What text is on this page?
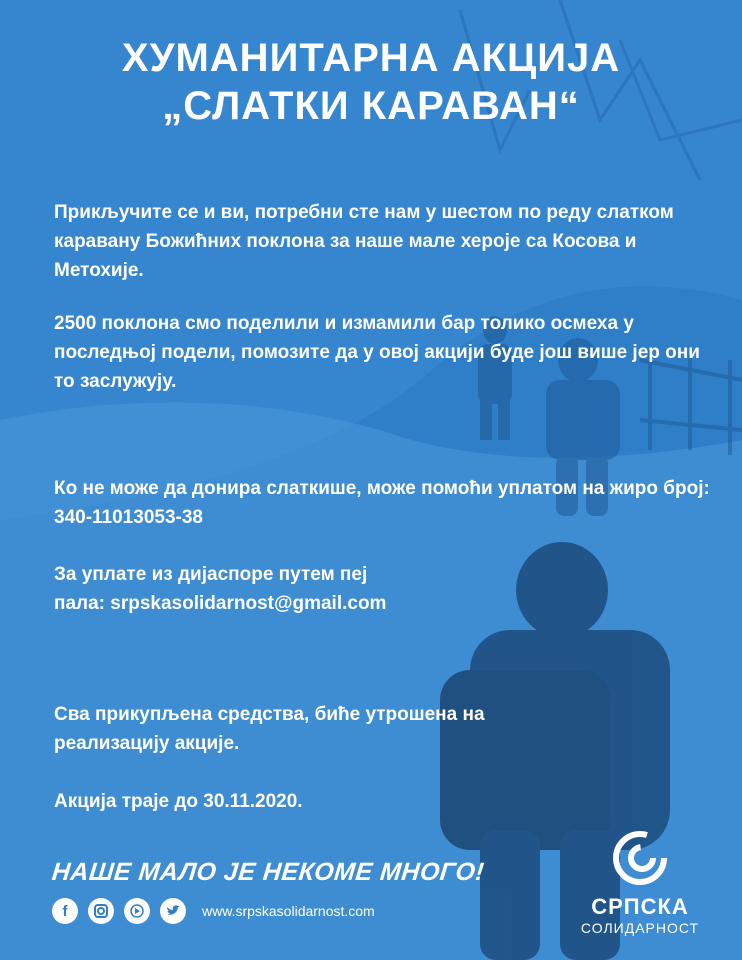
ХУМАНИТАРНА АКЦИЈА
„СЛАТКИ КАРАВАН“
Прикључите се и ви, потребни сте нам у шестом по реду слатком каравану Божићних поклона за наше мале хероје са Косова и Метохије.
2500 поклона смо поделили и измамили бар толико осмеха у последњој подели, помозите да у овој акцији буде још више јер они то заслужују.
Ко не може да донира слаткише, може помоћи уплатом на жиро број: 340-11013053-38
За уплате из дијаспоре путем пеј пала: srpskasolidarnost@gmail.com
Сва прикупљена средства, биће утрошена на реализацију акције.
Акција траје до 30.11.2020.
НАШЕ МАЛО ЈЕ НЕКОМЕ МНОГО!
f	www.srpskasolidarnost.com	СРПСКА
СОЛИДАРНОСТ
